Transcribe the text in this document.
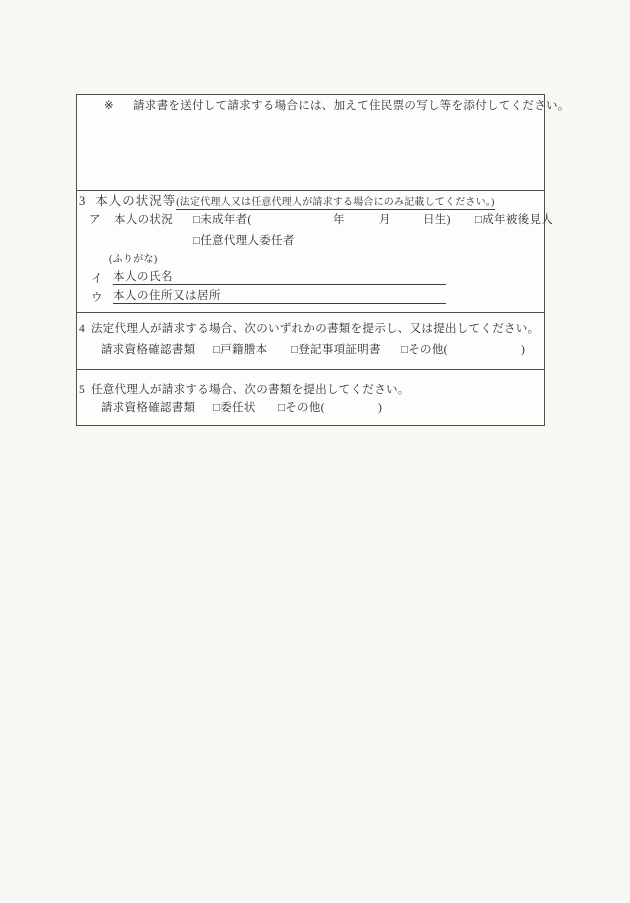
※ 請求書を送付して請求する場合には、加えて住民票の写し等を添付してください。
3 本人の状況等 (法定代理人又は任意代理人が請求する場合にのみ記載してください。)
ア 本人の状況 □未成年者(	年	月	日生) □成年被後見人
□任意代理人委任者
(ふりがな)
イ 本人の氏名
ウ 本人の住所又は居所
4 法定代理人が請求する場合、次のいずれかの書類を提示し、又は提出してください。
請求資格確認書類 □戸籍謄本 □登記事項証明書 □その他(	)
5 任意代理人が請求する場合、次の書類を提出してください。
請求資格確認書類 □委任状 □その他(	)
